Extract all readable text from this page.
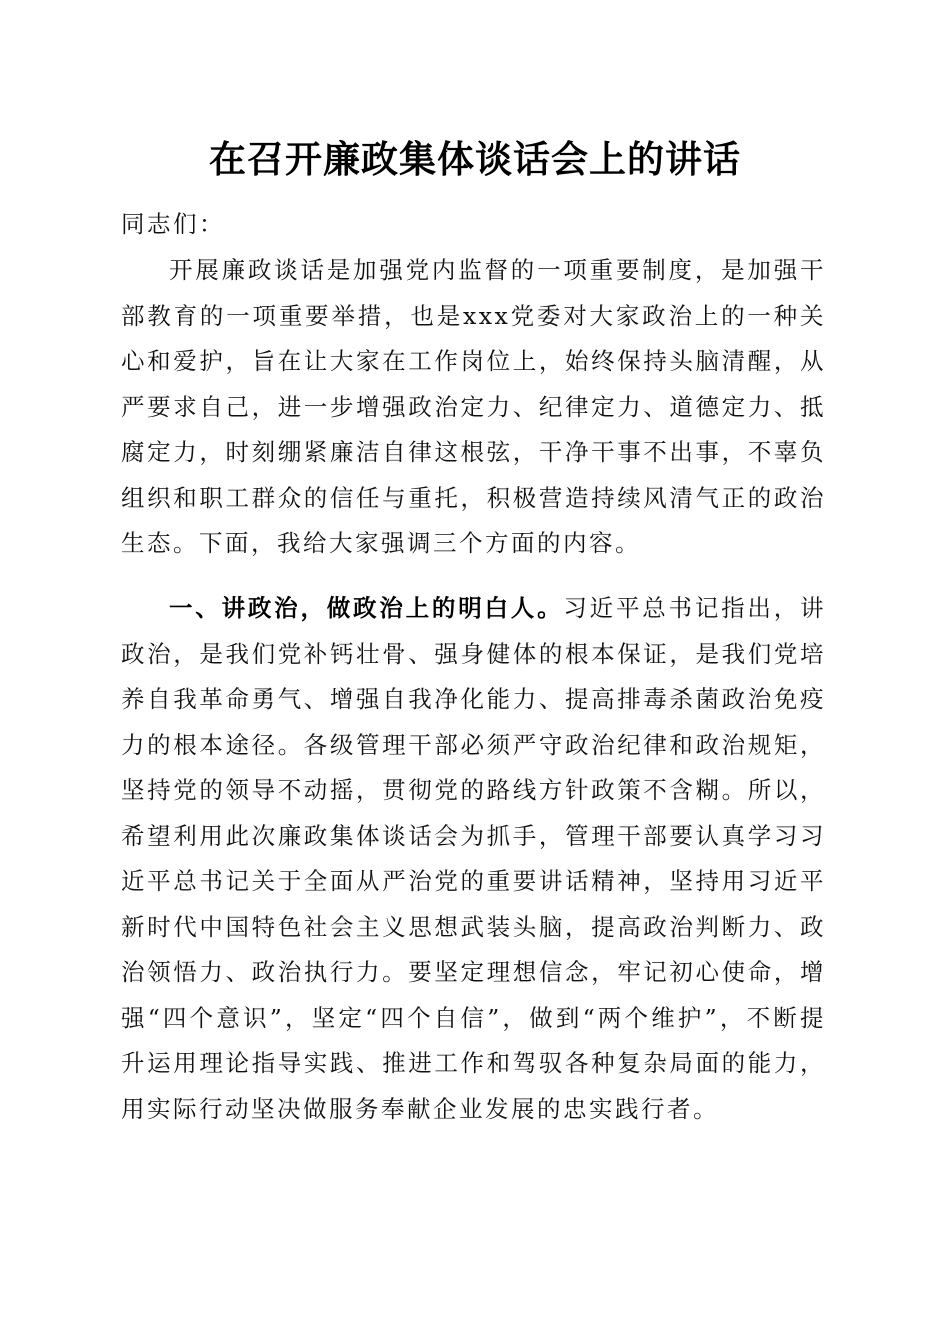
在召开廉政集体谈话会上的讲话
同志们：
开展廉政谈话是加强党内监督的一项重要制度，是加强干部教育的一项重要举措，也是xxx党委对大家政治上的一种关心和爱护，旨在让大家在工作岗位上，始终保持头脑清醒，从严要求自己，进一步增强政治定力、纪律定力、道德定力、抵腐定力，时刻绷紧廉洁自律这根弦，干净干事不出事，不辜负组织和职工群众的信任与重托，积极营造持续风清气正的政治生态。下面，我给大家强调三个方面的内容。
一、讲政治，做政治上的明白人。习近平总书记指出，讲政治，是我们党补钙壮骨、强身健体的根本保证，是我们党培养自我革命勇气、增强自我净化能力、提高排毒杀菌政治免疫力的根本途径。各级管理干部必须严守政治纪律和政治规矩，坚持党的领导不动摇，贯彻党的路线方针政策不含糊。所以，希望利用此次廉政集体谈话会为抓手，管理干部要认真学习习近平总书记关于全面从严治党的重要讲话精神，坚持用习近平新时代中国特色社会主义思想武装头脑，提高政治判断力、政治领悟力、政治执行力。要坚定理想信念，牢记初心使命，增强“四个意识”，坚定“四个自信”，做到“两个维护”，不断提升运用理论指导实践、推进工作和驾驭各种复杂局面的能力，用实际行动坚决做服务奉献企业发展的忠实践行者。
